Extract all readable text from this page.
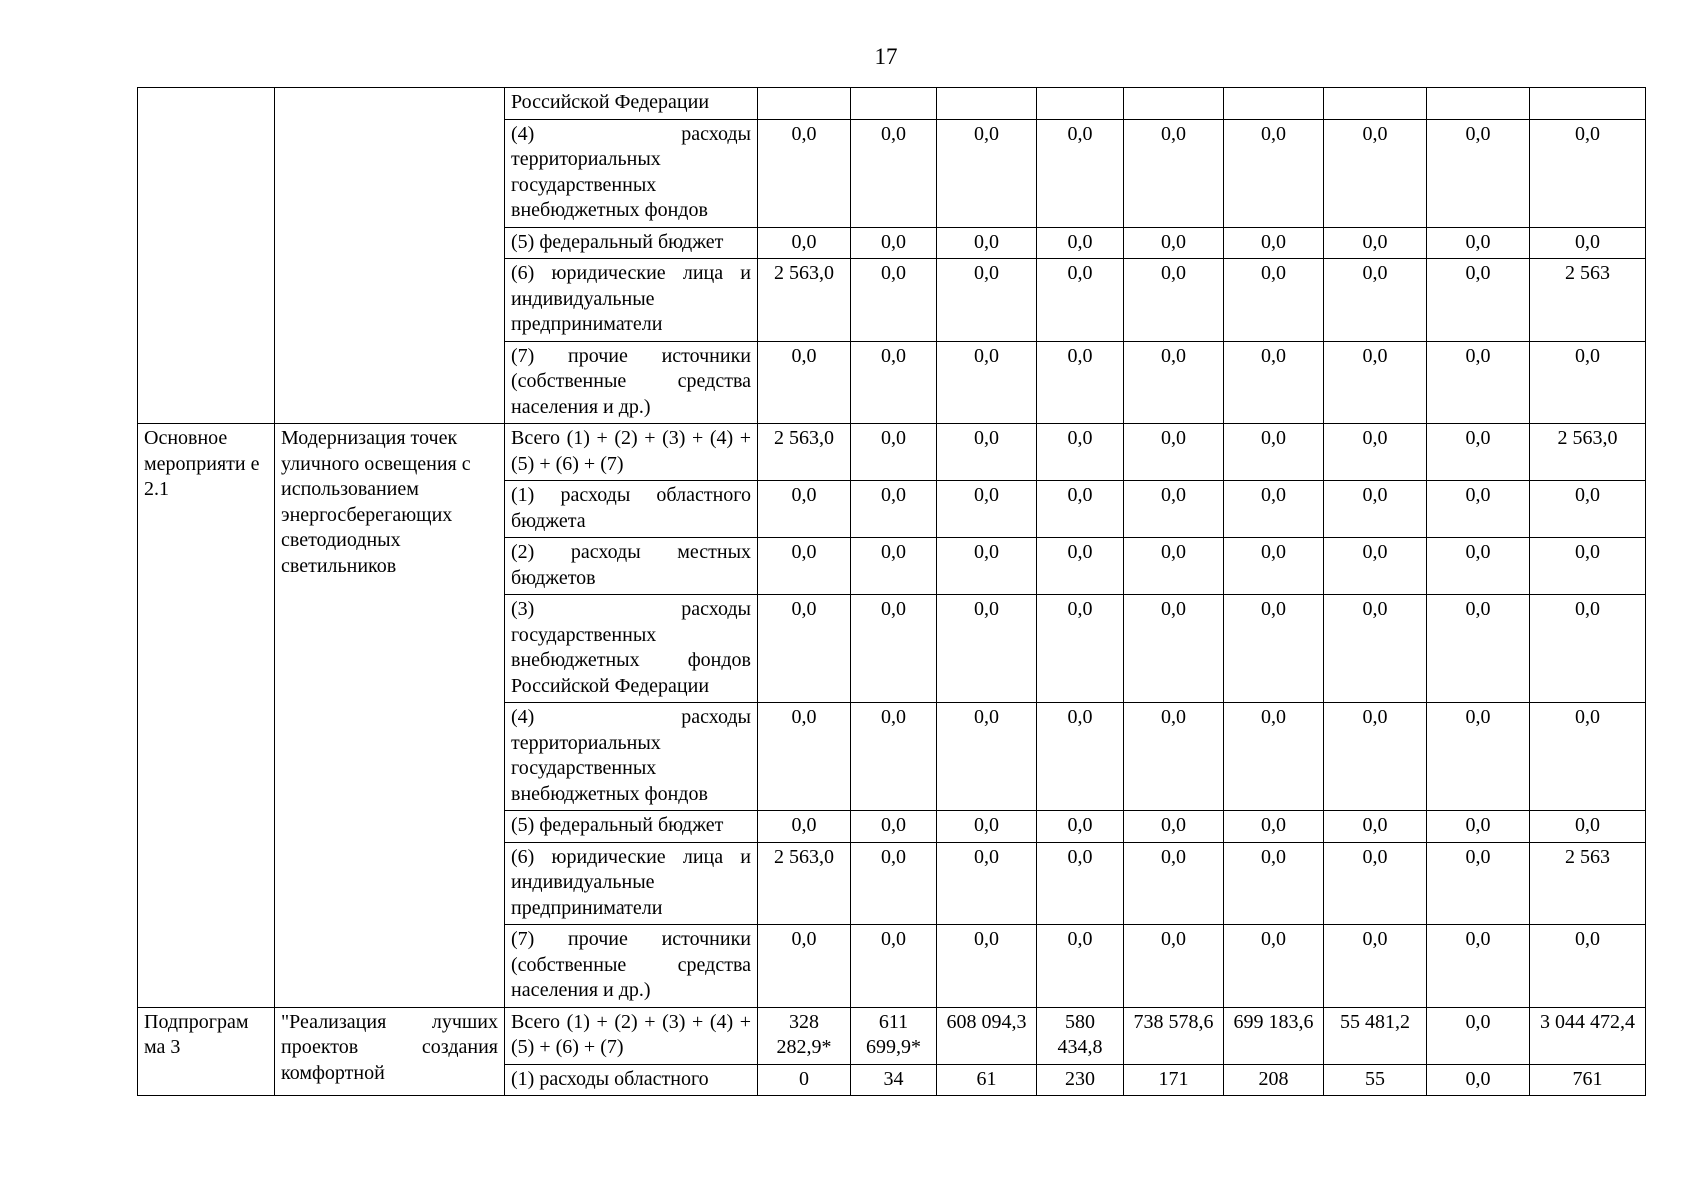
17
		Российской Федерации									
		(4) расходы территориальных государственных внебюджетных фондов	0,0	0,0	0,0	0,0	0,0	0,0	0,0	0,0	0,0
		(5) федеральный бюджет	0,0	0,0	0,0	0,0	0,0	0,0	0,0	0,0	0,0
		(6) юридические лица и индивидуальные предприниматели	2 563,0	0,0	0,0	0,0	0,0	0,0	0,0	0,0	2 563
		(7) прочие источники (собственные средства населения и др.)	0,0	0,0	0,0	0,0	0,0	0,0	0,0	0,0	0,0
Основное мероприяти е 2.1	Модернизация точек уличного освещения с использованием энергосберегающих светодиодных светильников	Всего (1) + (2) + (3) + (4) + (5) + (6) + (7)	2 563,0	0,0	0,0	0,0	0,0	0,0	0,0	0,0	2 563,0
		(1) расходы областного бюджета	0,0	0,0	0,0	0,0	0,0	0,0	0,0	0,0	0,0
		(2) расходы местных бюджетов	0,0	0,0	0,0	0,0	0,0	0,0	0,0	0,0	0,0
		(3) расходы государственных внебюджетных фондов Российской Федерации	0,0	0,0	0,0	0,0	0,0	0,0	0,0	0,0	0,0
		(4) расходы территориальных государственных внебюджетных фондов	0,0	0,0	0,0	0,0	0,0	0,0	0,0	0,0	0,0
		(5) федеральный бюджет	0,0	0,0	0,0	0,0	0,0	0,0	0,0	0,0	0,0
		(6) юридические лица и индивидуальные предприниматели	2 563,0	0,0	0,0	0,0	0,0	0,0	0,0	0,0	2 563
		(7) прочие источники (собственные средства населения и др.)	0,0	0,0	0,0	0,0	0,0	0,0	0,0	0,0	0,0
Подпрограм ма 3	"Реализация лучших проектов создания комфортной	Всего (1) + (2) + (3) + (4) + (5) + (6) + (7)	328 282,9*	611 699,9*	608 094,3	580 434,8	738 578,6	699 183,6	55 481,2	0,0	3 044 472,4
		(1) расходы областного	0	34	61	230	171	208	55	0,0	761
